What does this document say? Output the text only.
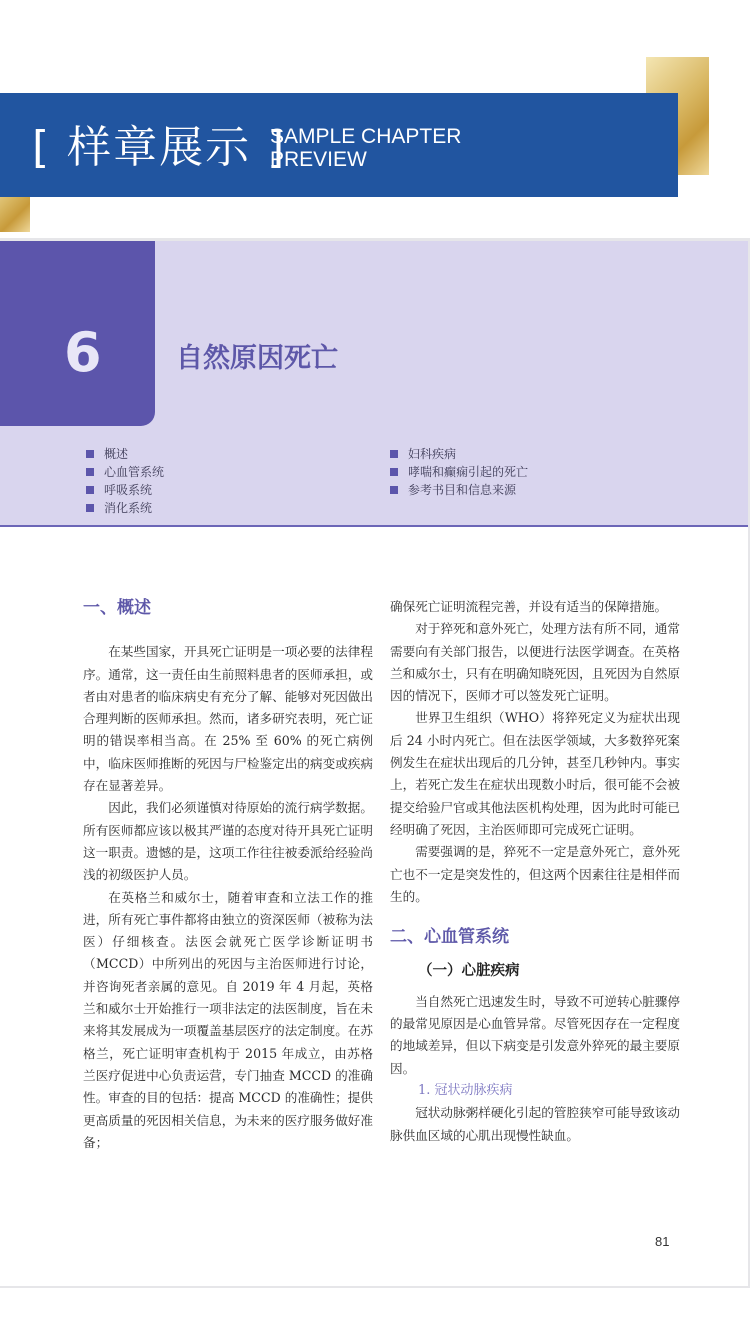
[ 样章展示 ]
SAMPLE CHAPTER
PREVIEW
6	自然原因死亡
概述
心血管系统
呼吸系统
消化系统
妇科疾病
哮喘和癫痫引起的死亡
参考书目和信息来源
一、概述

在某些国家，开具死亡证明是一项必要的法律程序。通常，这一责任由生前照料患者的医师承担，或者由对患者的临床病史有充分了解、能够对死因做出合理判断的医师承担。然而，诸多研究表明，死亡证明的错误率相当高。在 25% 至 60% 的死亡病例中，临床医师推断的死因与尸检鉴定出的病变或疾病存在显著差异。

因此，我们必须谨慎对待原始的流行病学数据。所有医师都应该以极其严谨的态度对待开具死亡证明这一职责。遗憾的是，这项工作往往被委派给经验尚浅的初级医护人员。

在英格兰和威尔士，随着审查和立法工作的推进，所有死亡事件都将由独立的资深医师（被称为法医）仔细核查。法医会就死亡医学诊断证明书（MCCD）中所列出的死因与主治医师进行讨论，并咨询死者亲属的意见。自 2019 年 4 月起，英格兰和威尔士开始推行一项非法定的法医制度，旨在未来将其发展成为一项覆盖基层医疗的法定制度。在苏格兰，死亡证明审查机构于 2015 年成立，由苏格兰医疗促进中心负责运营，专门抽查 MCCD 的准确性。审查的目的包括：提高 MCCD 的准确性；提供更高质量的死因相关信息，为未来的医疗服务做好准备；

确保死亡证明流程完善，并设有适当的保障措施。

对于猝死和意外死亡，处理方法有所不同，通常需要向有关部门报告，以便进行法医学调查。在英格兰和威尔士，只有在明确知晓死因，且死因为自然原因的情况下，医师才可以签发死亡证明。

世界卫生组织（WHO）将猝死定义为症状出现后 24 小时内死亡。但在法医学领域，大多数猝死案例发生在症状出现后的几分钟，甚至几秒钟内。事实上，若死亡发生在症状出现数小时后，很可能不会被提交给验尸官或其他法医机构处理，因为此时可能已经明确了死因，主治医师即可完成死亡证明。

需要强调的是，猝死不一定是意外死亡，意外死亡也不一定是突发性的，但这两个因素往往是相伴而生的。

二、心血管系统
（一）心脏疾病

当自然死亡迅速发生时，导致不可逆转心脏骤停的最常见原因是心血管异常。尽管死因存在一定程度的地域差异，但以下病变是引发意外猝死的最主要原因。

1. 冠状动脉疾病

冠状动脉粥样硬化引起的管腔狭窄可能导致该动脉供血区域的心肌出现慢性缺血。

81
